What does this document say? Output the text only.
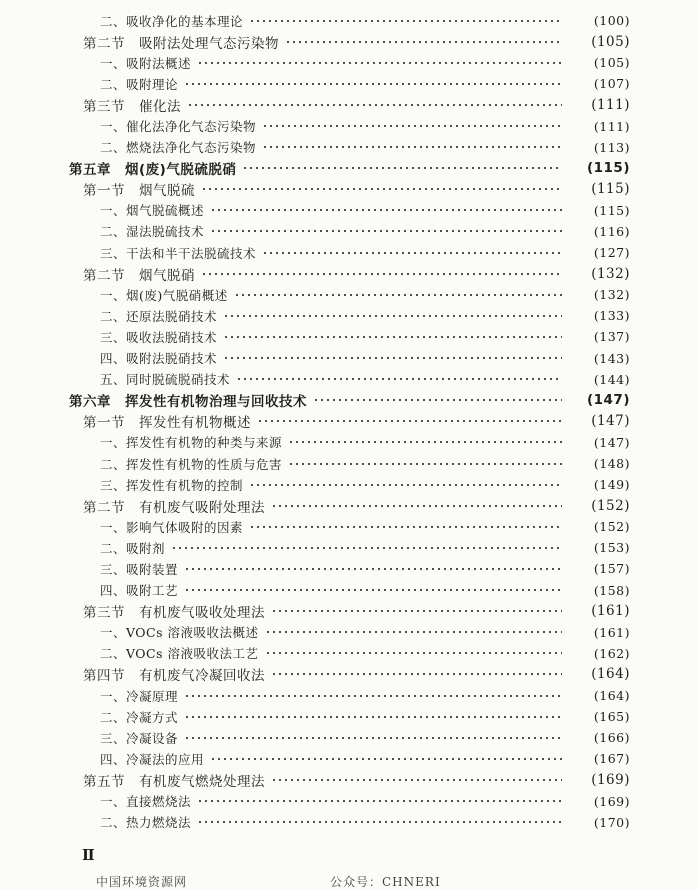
二、吸收净化的基本理论	(100)
第二节　吸附法处理气态污染物	(105)
一、吸附法概述	(105)
二、吸附理论	(107)
第三节　催化法	(111)
一、催化法净化气态污染物	(111)
二、燃烧法净化气态污染物	(113)
第五章　烟(废)气脱硫脱硝	(115)
第一节　烟气脱硫	(115)
一、烟气脱硫概述	(115)
二、湿法脱硫技术	(116)
三、干法和半干法脱硫技术	(127)
第二节　烟气脱硝	(132)
一、烟(废)气脱硝概述	(132)
二、还原法脱硝技术	(133)
三、吸收法脱硝技术	(137)
四、吸附法脱硝技术	(143)
五、同时脱硫脱硝技术	(144)
第六章　挥发性有机物治理与回收技术	(147)
第一节　挥发性有机物概述	(147)
一、挥发性有机物的种类与来源	(147)
二、挥发性有机物的性质与危害	(148)
三、挥发性有机物的控制	(149)
第二节　有机废气吸附处理法	(152)
一、影响气体吸附的因素	(152)
二、吸附剂	(153)
三、吸附装置	(157)
四、吸附工艺	(158)
第三节　有机废气吸收处理法	(161)
一、VOCs 溶液吸收法概述	(161)
二、VOCs 溶液吸收法工艺	(162)
第四节　有机废气冷凝回收法	(164)
一、冷凝原理	(164)
二、冷凝方式	(165)
三、冷凝设备	(166)
四、冷凝法的应用	(167)
第五节　有机废气燃烧处理法	(169)
一、直接燃烧法	(169)
二、热力燃烧法	(170)
Ⅱ
中国环境资源网　　　　　　　　　　　公众号：CHNERI
